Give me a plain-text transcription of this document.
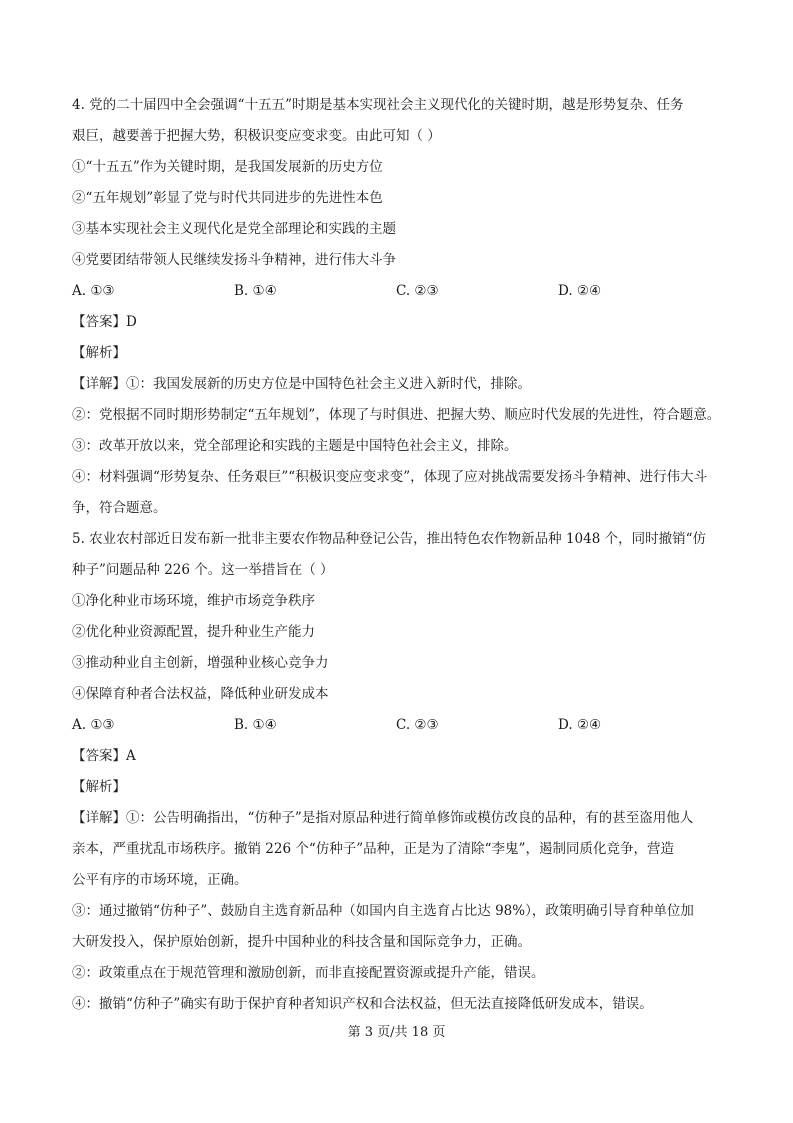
4. 党的二十届四中全会强调“十五五”时期是基本实现社会主义现代化的关键时期，越是形势复杂、任务
艰巨，越要善于把握大势，积极识变应变求变。由此可知（ ）
①“十五五”作为关键时期，是我国发展新的历史方位
②“五年规划”彰显了党与时代共同进步的先进性本色
③基本实现社会主义现代化是党全部理论和实践的主题
④党要团结带领人民继续发扬斗争精神，进行伟大斗争
A. ①③	B. ①④	C. ②③	D. ②④
【答案】D
【解析】
【详解】①：我国发展新的历史方位是中国特色社会主义进入新时代，排除。
②：党根据不同时期形势制定“五年规划”，体现了与时俱进、把握大势、顺应时代发展的先进性，符合题意。
③：改革开放以来，党全部理论和实践的主题是中国特色社会主义，排除。
④：材料强调“形势复杂、任务艰巨”“积极识变应变求变”，体现了应对挑战需要发扬斗争精神、进行伟大斗
争，符合题意。
5. 农业农村部近日发布新一批非主要农作物品种登记公告，推出特色农作物新品种 1048 个，同时撤销“仿
种子”问题品种 226 个。这一举措旨在（ ）
①净化种业市场环境，维护市场竞争秩序
②优化种业资源配置，提升种业生产能力
③推动种业自主创新，增强种业核心竞争力
④保障育种者合法权益，降低种业研发成本
A. ①③	B. ①④	C. ②③	D. ②④
【答案】A
【解析】
【详解】①：公告明确指出，“仿种子”是指对原品种进行简单修饰或模仿改良的品种，有的甚至盗用他人
亲本，严重扰乱市场秩序。撤销 226 个“仿种子”品种，正是为了清除“李鬼”，遏制同质化竞争，营造
公平有序的市场环境，正确。
③：通过撤销“仿种子”、鼓励自主选育新品种（如国内自主选育占比达 98%），政策明确引导育种单位加
大研发投入，保护原始创新，提升中国种业的科技含量和国际竞争力，正确。
②：政策重点在于规范管理和激励创新，而非直接配置资源或提升产能，错误。
④：撤销“仿种子”确实有助于保护育种者知识产权和合法权益，但无法直接降低研发成本，错误。
第 3 页/共 18 页
